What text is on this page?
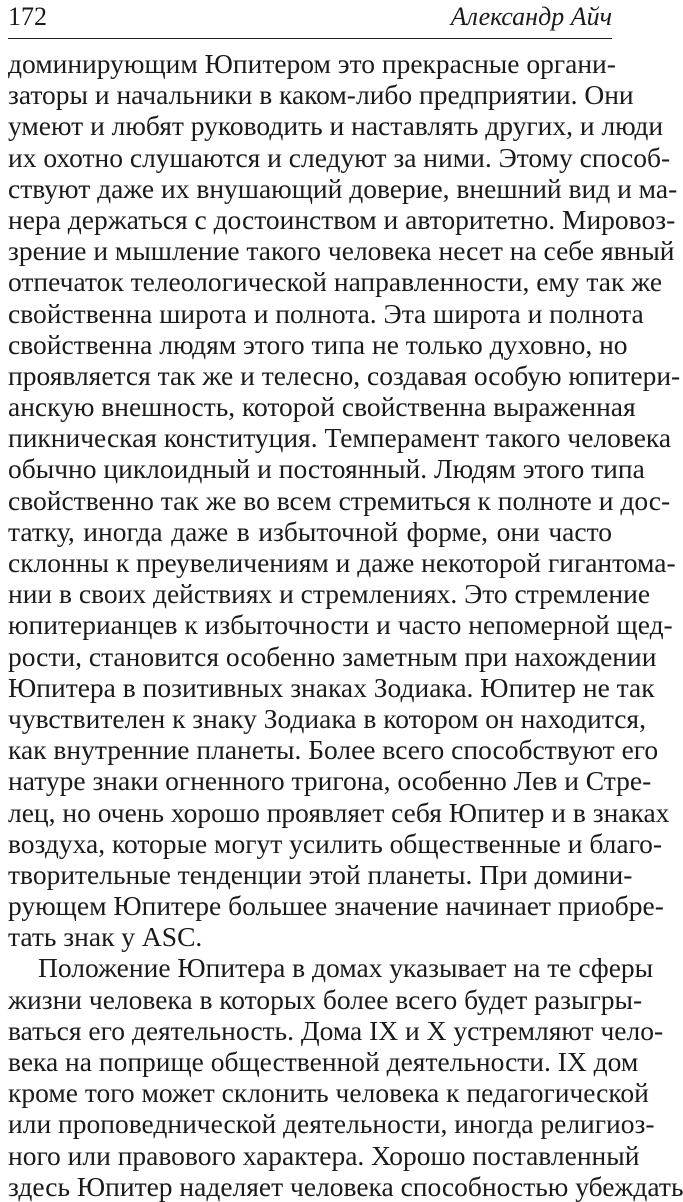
172	Александр Айч
доминирующим Юпитером это прекрасные органи-
заторы и начальники в каком-либо предприятии. Они
умеют и любят руководить и наставлять других, и люди
их охотно слушаются и следуют за ними. Этому способ-
ствуют даже их внушающий доверие, внешний вид и ма-
нера держаться с достоинством и авторитетно. Мировоз-
зрение и мышление такого человека несет на себе явный
отпечаток телеологической направленности, ему так же
свойственна широта и полнота. Эта широта и полнота
свойственна людям этого типа не только духовно, но
проявляется так же и телесно, создавая особую юпитери-
анскую внешность, которой свойственна выраженная
пикническая конституция. Темперамент такого человека
обычно циклоидный и постоянный. Людям этого типа
свойственно так же во всем стремиться к полноте и дос-
татку, иногда даже в избыточной форме, они часто
склонны к преувеличениям и даже некоторой гигантома-
нии в своих действиях и стремлениях. Это стремление
юпитерианцев к избыточности и часто непомерной щед-
рости, становится особенно заметным при нахождении
Юпитера в позитивных знаках Зодиака. Юпитер не так
чувствителен к знаку Зодиака в котором он находится,
как внутренние планеты. Более всего способствуют его
натуре знаки огненного тригона, особенно Лев и Стре-
лец, но очень хорошо проявляет себя Юпитер и в знаках
воздуха, которые могут усилить общественные и благо-
творительные тенденции этой планеты. При домини-
рующем Юпитере большее значение начинает приобре-
тать знак у ASC.
Положение Юпитера в домах указывает на те сферы
жизни человека в которых более всего будет разыгры-
ваться его деятельность. Дома IX и X устремляют чело-
века на поприще общественной деятельности. IX дом
кроме того может склонить человека к педагогической
или проповеднической деятельности, иногда религиоз-
ного или правового характера. Хорошо поставленный
здесь Юпитер наделяет человека способностью убеждать
